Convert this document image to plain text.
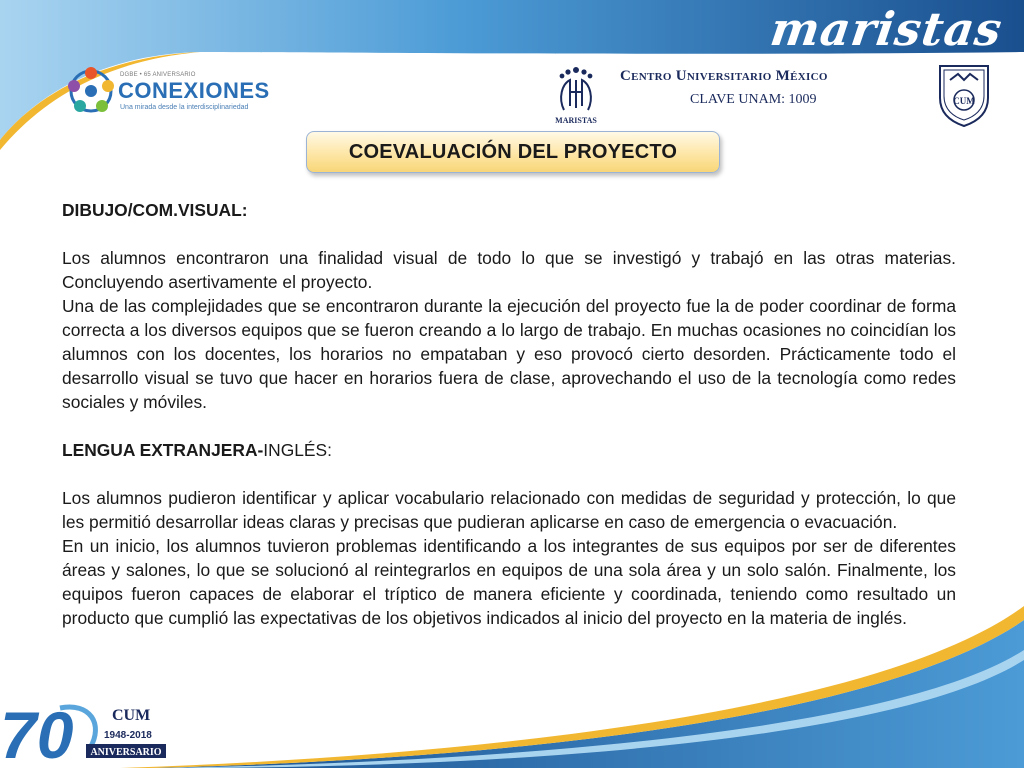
maristas
DGBE • 65 ANIVERSARIO
CONEXIONES
Una mirada desde la interdisciplinariedad
MARISTAS
Centro Universitario México
CLAVE UNAM: 1009	CUM
COEVALUACIÓN DEL PROYECTO

DIBUJO/COM.VISUAL:

Los alumnos encontraron una finalidad visual de todo lo que se investigó y trabajó en las otras materias. Concluyendo asertivamente el proyecto.

Una de las complejidades que se encontraron durante la ejecución del proyecto fue la de poder coordinar de forma correcta a los diversos equipos que se fueron creando a lo largo de trabajo. En muchas ocasiones no coincidían los alumnos con los docentes, los horarios no empataban y eso provocó cierto desorden. Prácticamente todo el desarrollo visual se tuvo que hacer en horarios fuera de clase, aprovechando el uso de la tecnología como redes sociales y móviles.

LENGUA EXTRANJERA-INGLÉS:

Los alumnos pudieron identificar y aplicar vocabulario relacionado con medidas de seguridad y protección, lo que les permitió desarrollar ideas claras y precisas que pudieran aplicarse en caso de emergencia o evacuación.

En un inicio, los alumnos tuvieron problemas identificando a los integrantes de sus equipos por ser de diferentes áreas y salones, lo que se solucionó al reintegrarlos en equipos de una sola área y un solo salón. Finalmente, los equipos fueron capaces de elaborar el tríptico de manera eficiente y coordinada, teniendo como resultado un producto que cumplió las expectativas de los objetivos indicados al inicio del proyecto en la materia de inglés.

70 CUM
1948-2018
ANIVERSARIO
